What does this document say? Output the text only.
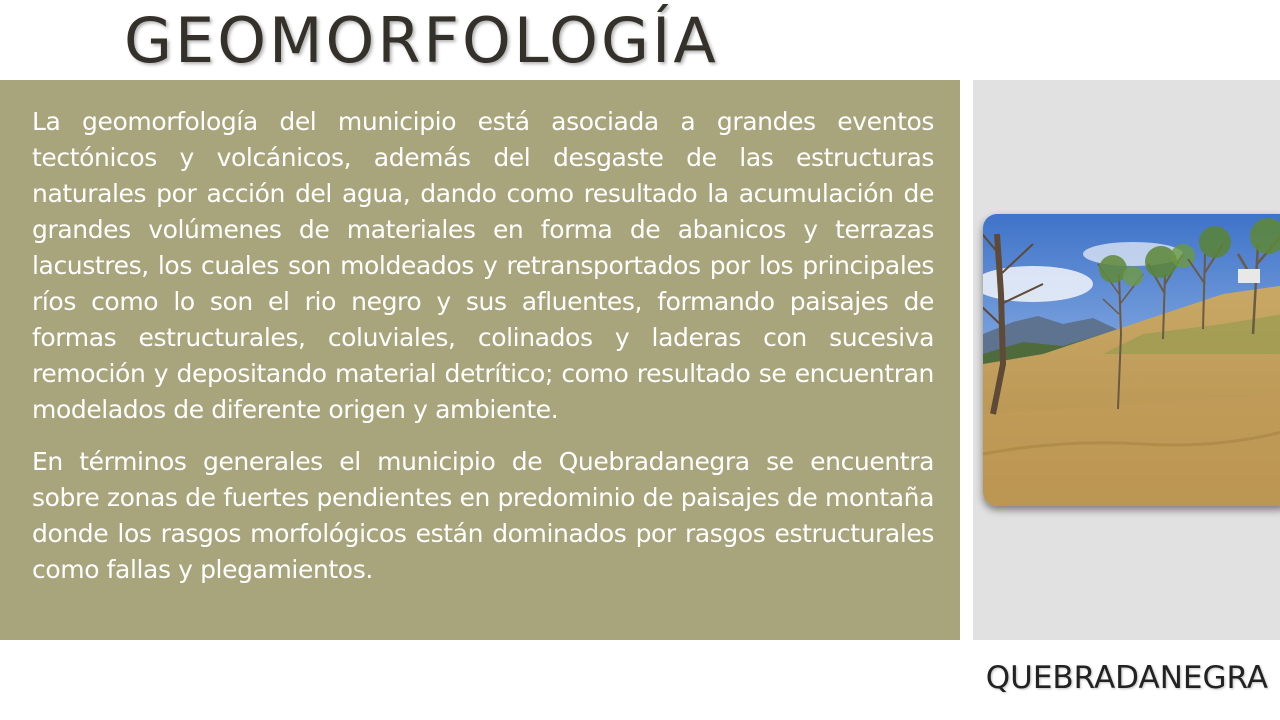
GEOMORFOLOGÍA

La geomorfología del municipio está asociada a grandes eventos tectónicos y volcánicos, además del desgaste de las estructuras naturales por acción del agua, dando como resultado la acumulación de grandes volúmenes de materiales en forma de abanicos y terrazas lacustres, los cuales son moldeados y retransportados por los principales ríos como lo son el rio negro y sus afluentes, formando paisajes de formas estructurales, coluviales, colinados y laderas con sucesiva remoción y depositando material detrítico; como resultado se encuentran modelados de diferente origen y ambiente.

En términos generales el municipio de Quebradanegra se encuentra sobre zonas de fuertes pendientes en predominio de paisajes de montaña donde los rasgos morfológicos están dominados por rasgos estructurales como fallas y plegamientos.

QUEBRADANEGRA
